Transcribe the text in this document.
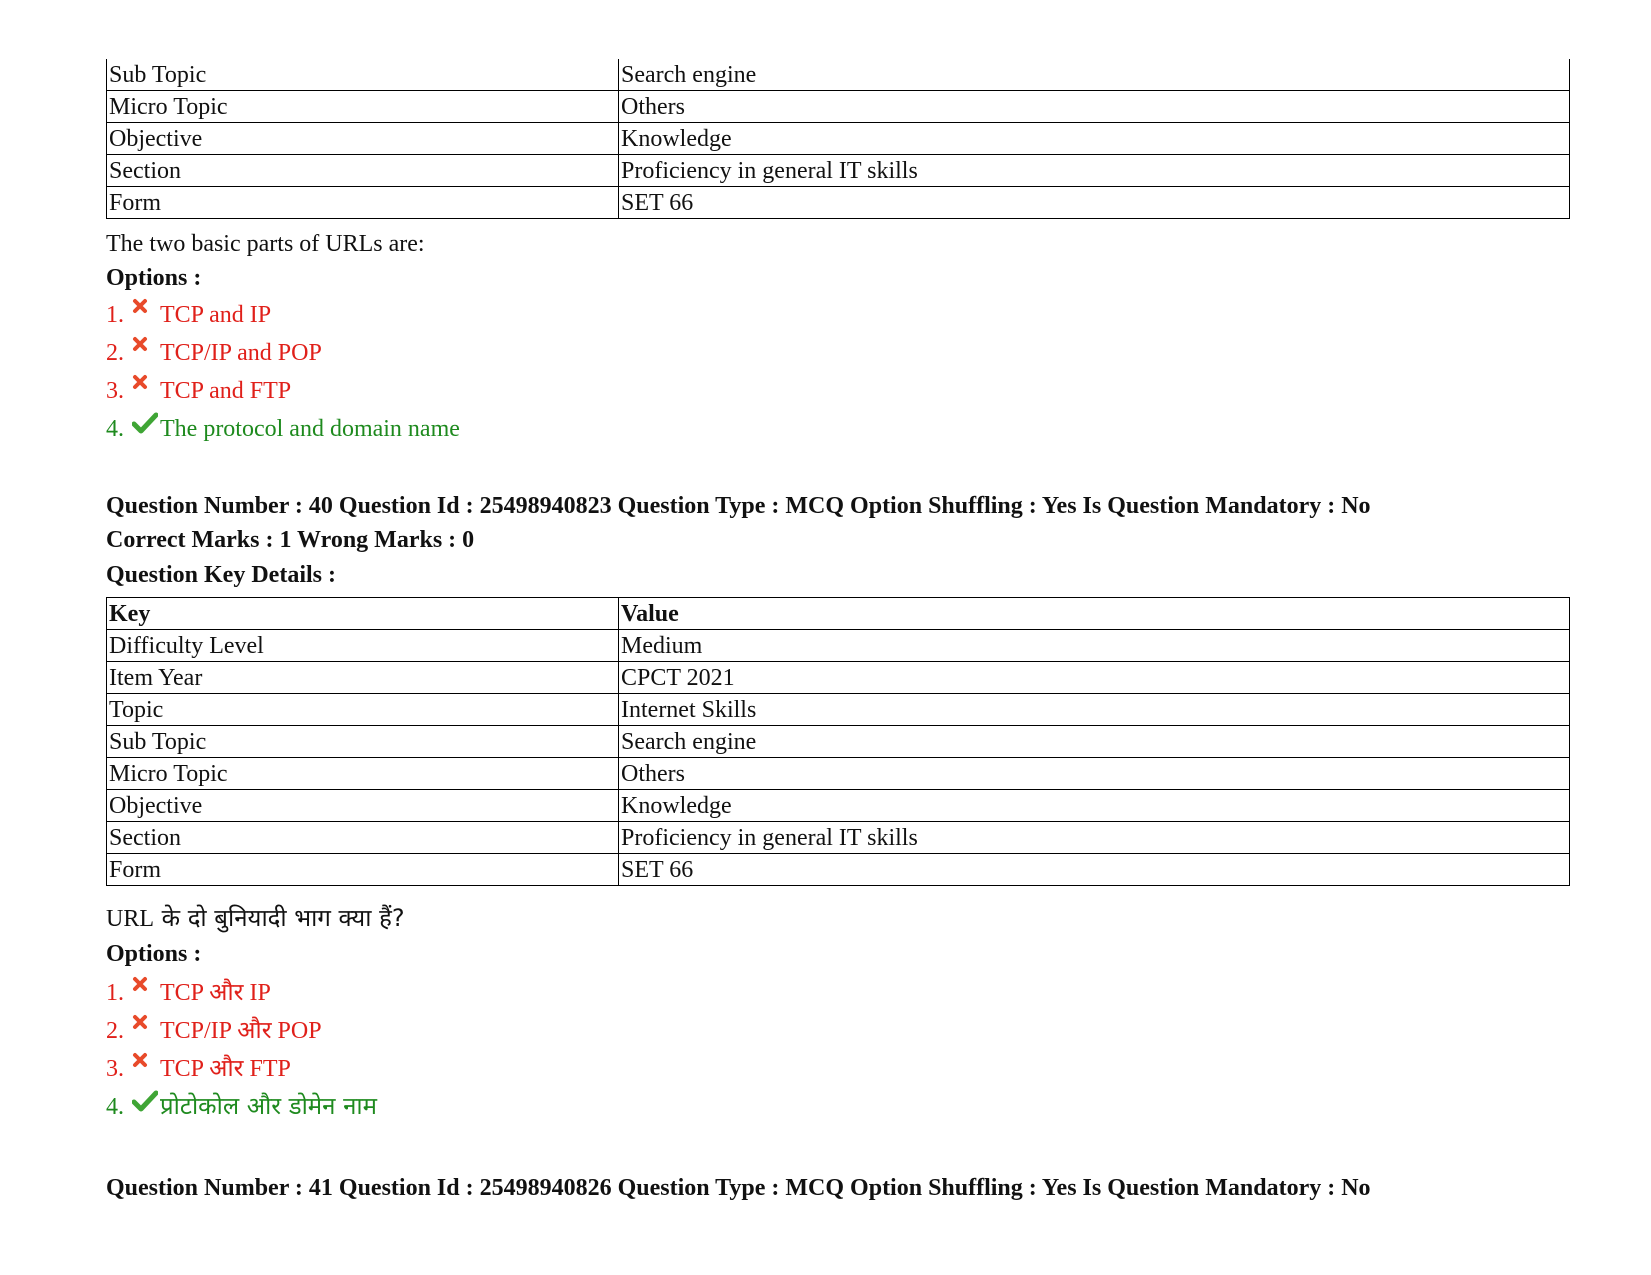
Sub Topic	Search engine
Micro Topic	Others
Objective	Knowledge
Section	Proficiency in general IT skills
Form	SET 66
The two basic parts of URLs are:
Options :
1.	TCP and IP
2.	TCP/IP and POP
3.	TCP and FTP
4.	The protocol and domain name
Question Number : 40 Question Id : 25498940823 Question Type : MCQ Option Shuffling : Yes Is Question Mandatory : No
Correct Marks : 1 Wrong Marks : 0
Question Key Details :
Key	Value
Difficulty Level	Medium
Item Year	CPCT 2021
Topic	Internet Skills
Sub Topic	Search engine
Micro Topic	Others
Objective	Knowledge
Section	Proficiency in general IT skills
Form	SET 66
URL के दो बुनियादी भाग क्या हैं?
Options :
1.	TCP और IP
2.	TCP/IP और POP
3.	TCP और FTP
4.	प्रोटोकोल और डोमेन नाम
Question Number : 41 Question Id : 25498940826 Question Type : MCQ Option Shuffling : Yes Is Question Mandatory : No
